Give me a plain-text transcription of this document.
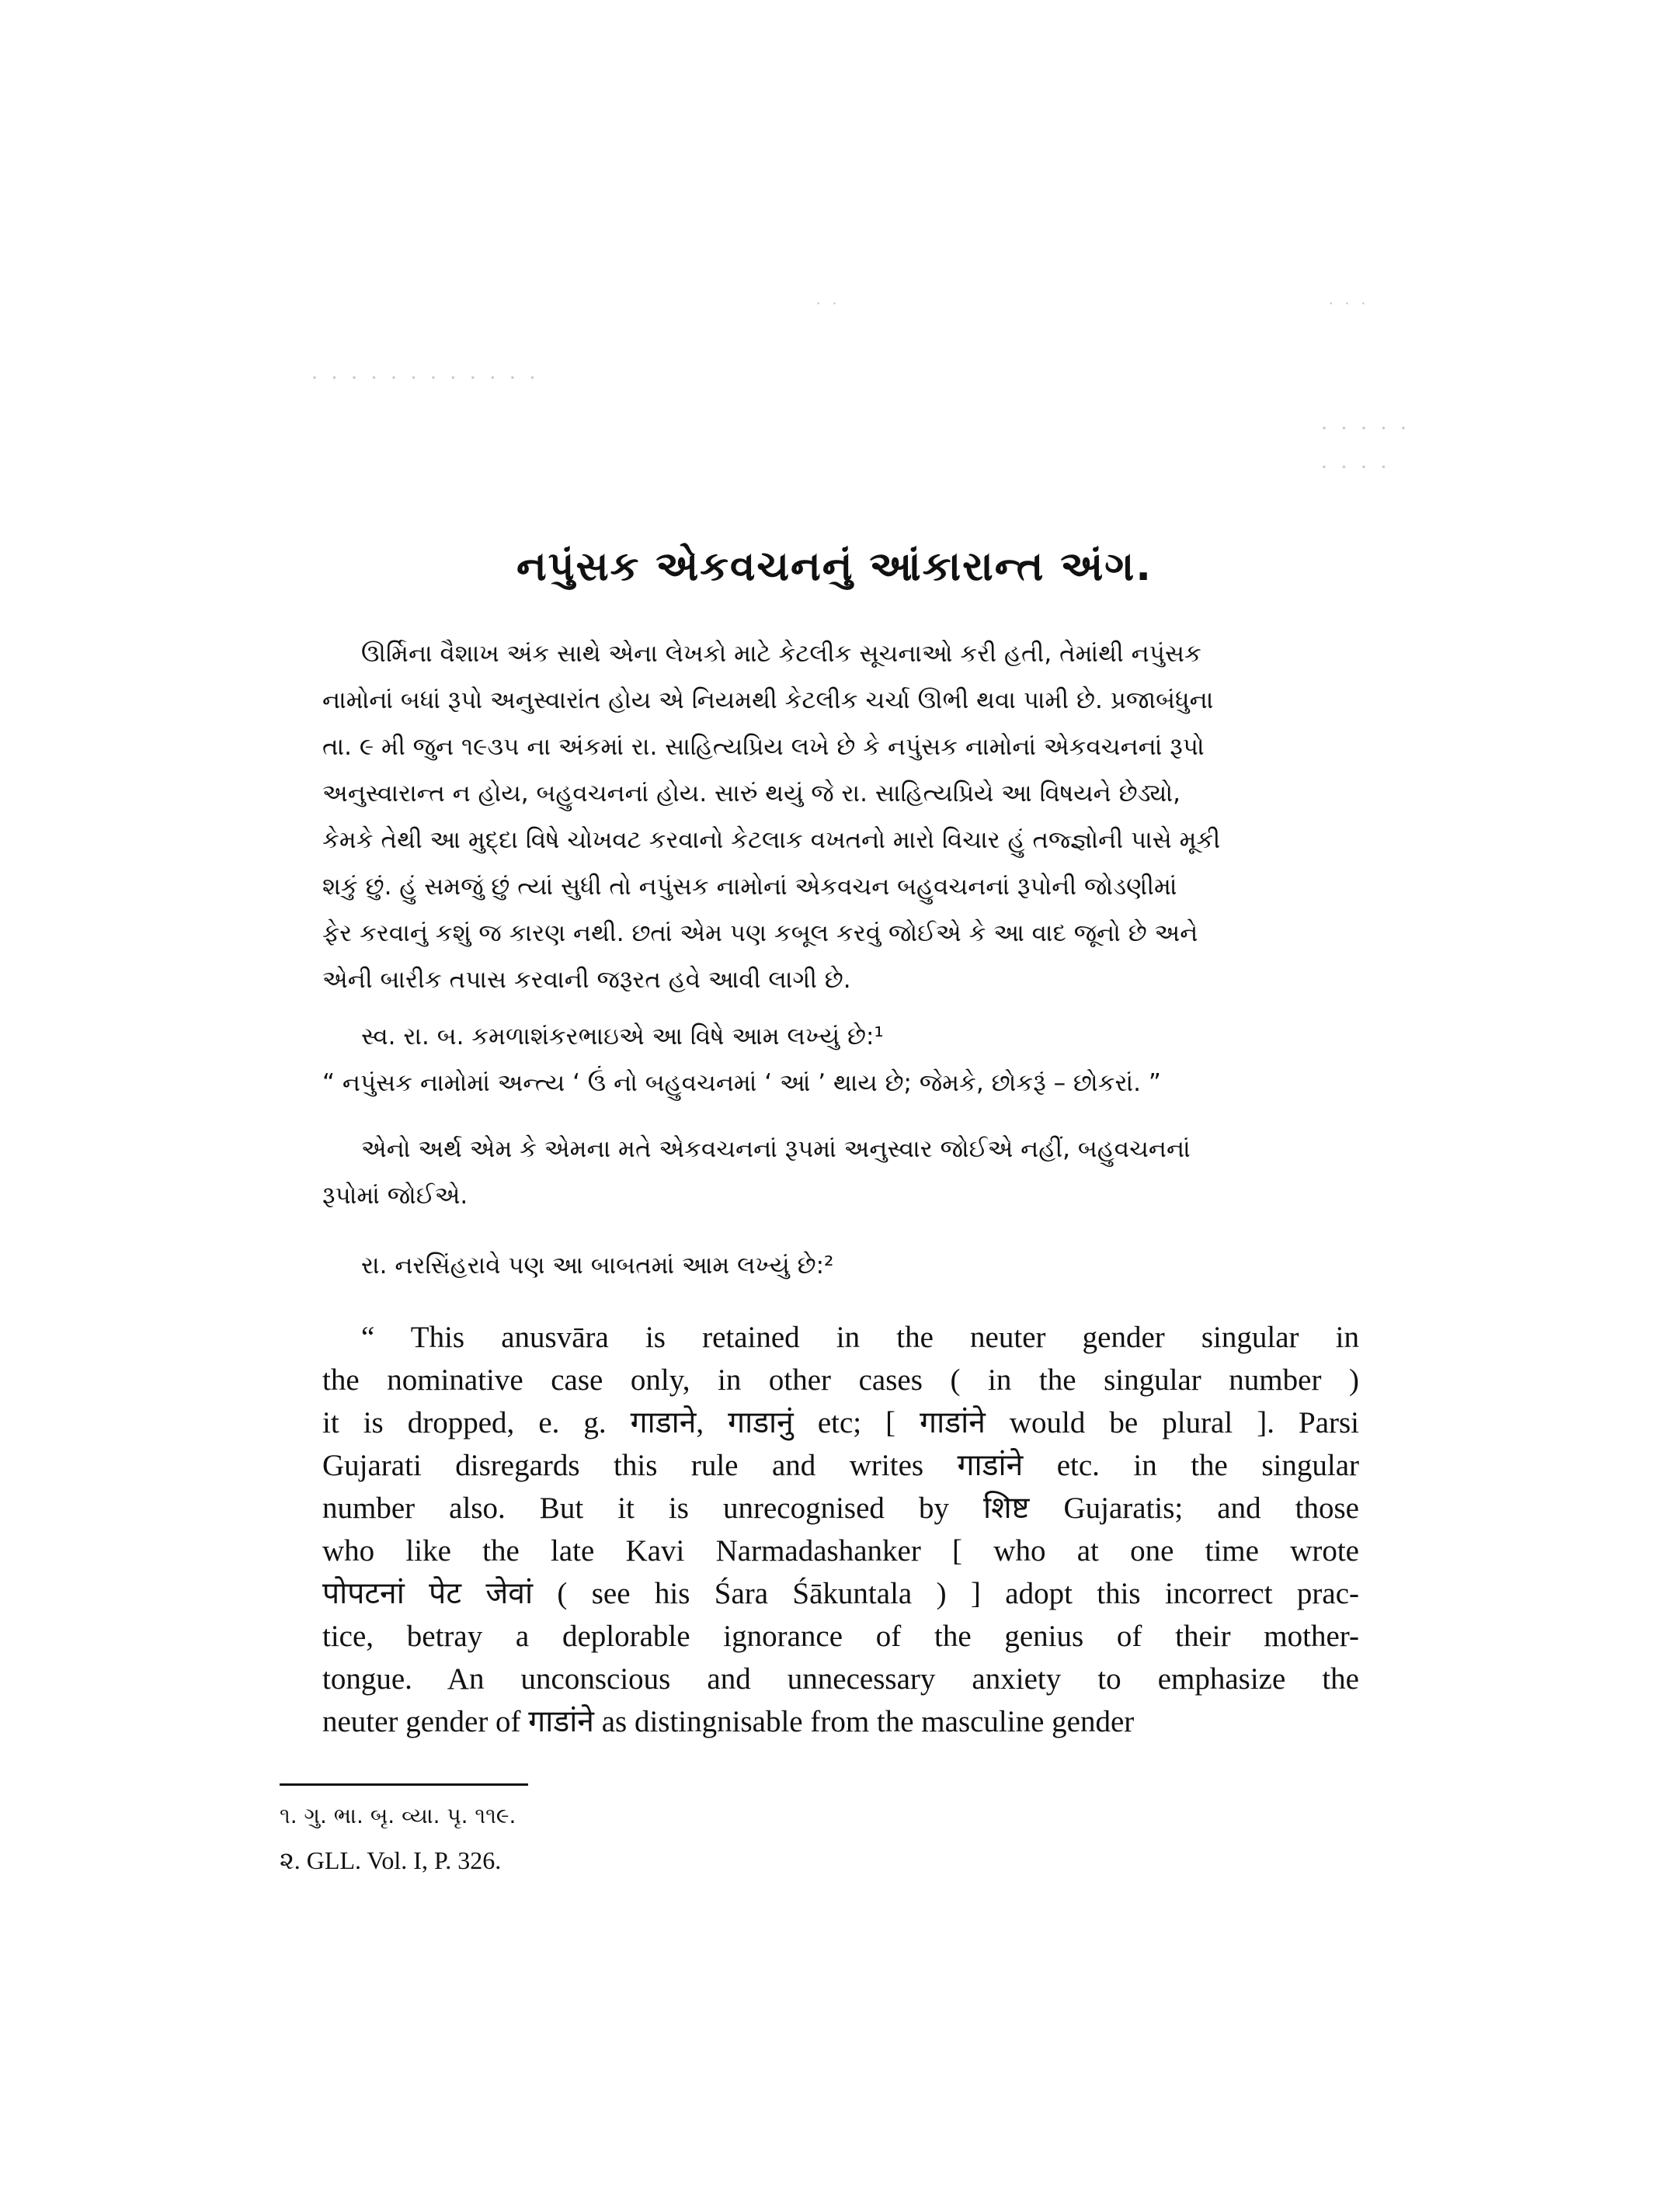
· ·	· · ·
· · · · · · · · · · · ·
· · · · ·
· · · ·
નપુંસક એકવચનનું આંકારાન્ત અંગ.
ઊર્મિના વૈશાખ અંક સાથે એના લેખકો માટે કેટલીક સૂચનાઓ કરી હતી, તેમાંથી નપુંસક
નામોનાં બધાં રૂપો અનુસ્વારાંત હોય એ નિયમથી કેટલીક ચર્ચા ઊભી થવા પામી છે. પ્રજાબંધુના
તા. ૯ મી જુન ૧૯૩૫ ના અંકમાં રા. સાહિત્યપ્રિય લખે છે કે નપુંસક નામોનાં એકવચનનાં રૂપો
અનુસ્વારાન્ત ન હોય, બહુવચનનાં હોય. સારું થયું જે રા. સાહિત્યપ્રિયે આ વિષયને છેડ્યો,
કેમકે તેથી આ મુદ્દા વિષે ચોખવટ કરવાનો કેટલાક વખતનો મારો વિચાર હું તજ્જ્ઞોની પાસે મૂકી
શકું છું. હું સમજું છું ત્યાં સુધી તો નપુંસક નામોનાં એકવચન બહુવચનનાં રૂપોની જોડણીમાં
ફેર કરવાનું કશું જ કારણ નથી. છતાં એમ પણ કબૂલ કરવું જોઈએ કે આ વાદ જૂનો છે અને
એની બારીક તપાસ કરવાની જરૂરત હવે આવી લાગી છે.
સ્વ. રા. બ. કમળાશંકરભાઇએ આ વિષે આમ લખ્યું છે:¹
“ નપુંસક નામોમાં અન્ત્ય ‘ ઉં નો બહુવચનમાં ‘ આં ’ થાય છે; જેમકે, છોકરૂં – છોકરાં. ”
એનો અર્થ એમ કે એમના મતે એકવચનનાં રૂપમાં અનુસ્વાર જોઈએ નહીં, બહુવચનનાં
રૂપોમાં જોઈએ.
રા. નરસિંહરાવે પણ આ બાબતમાં આમ લખ્યું છે:²
“ This anusvāra is retained in the neuter gender singular in
the nominative case only, in other cases ( in the singular number )
it is dropped, e. g. गाडाने, गाडानुं etc; [ गाडांने would be plural ]. Parsi
Gujarati disregards this rule and writes गाडांने etc. in the singular
number also. But it is unrecognised by शिष्ट Gujaratis; and those
who like the late Kavi Narmadashanker [ who at one time wrote
पोपटनां पेट जेवां ( see his Śara Śākuntala ) ] adopt this incorrect prac-
tice, betray a deplorable ignorance of the genius of their mother-
tongue. An unconscious and unnecessary anxiety to emphasize the
neuter gender of गाडांने as distingnisable from the masculine gender
૧. ગુ. ભા. બૃ. વ્યા. પૃ. ૧૧૯.
૨. GLL. Vol. I, P. 326.
